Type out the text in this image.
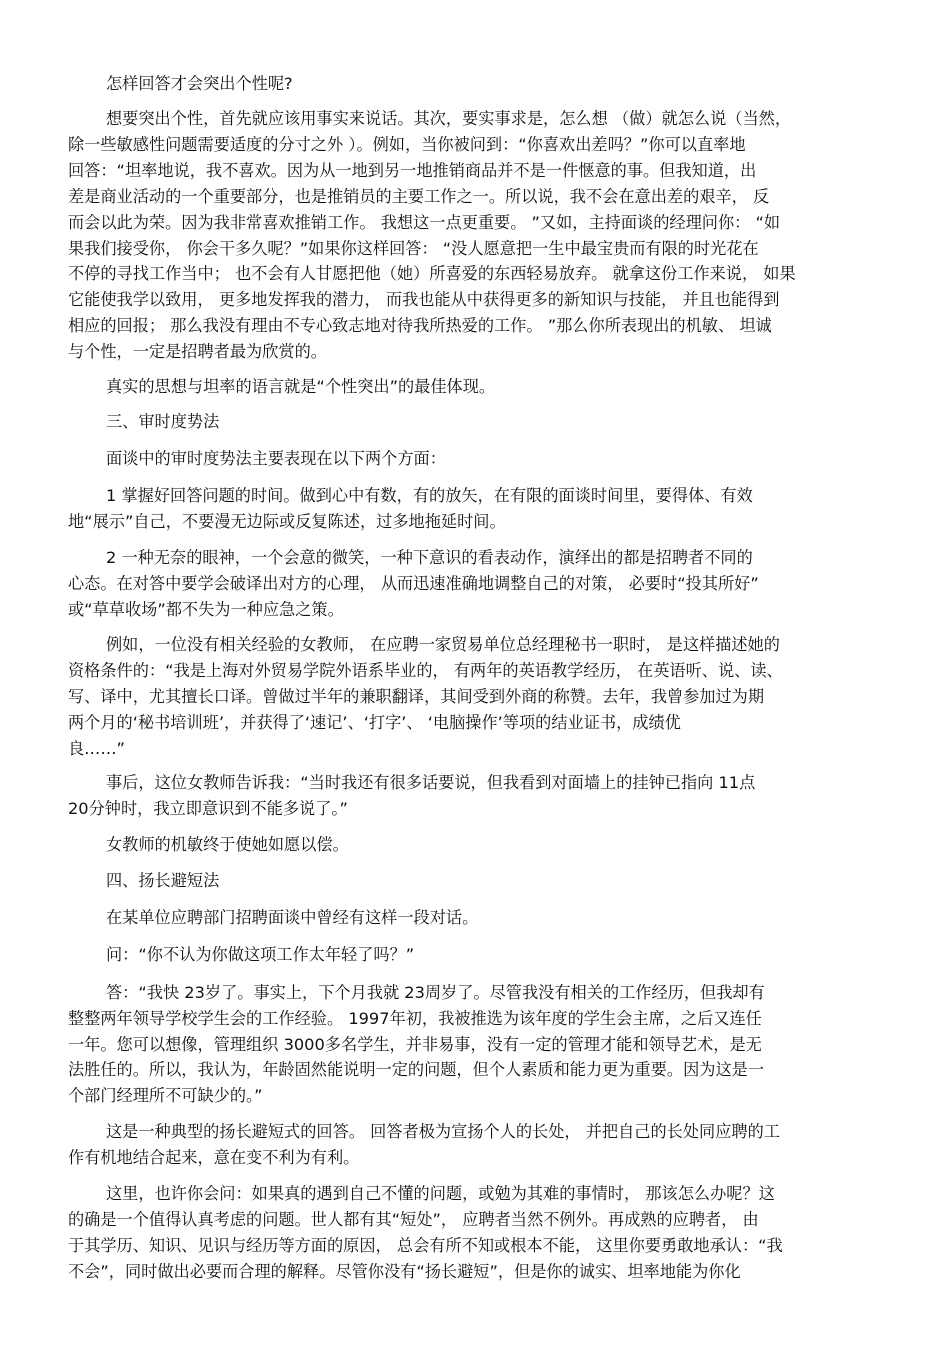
怎样回答才会突出个性呢?
想要突出个性，首先就应该用事实来说话。其次，要实事求是，怎么想 （做）就怎么说（当然，
除一些敏感性问题需要适度的分寸之外 ）。例如，当你被问到：“你喜欢出差吗？”你可以直率地
回答：“坦率地说，我不喜欢。因为从一地到另一地推销商品并不是一件惬意的事。但我知道，出
差是商业活动的一个重要部分，也是推销员的主要工作之一。所以说，我不会在意出差的艰辛， 反
而会以此为荣。因为我非常喜欢推销工作。 我想这一点更重要。 ”又如，主持面谈的经理问你： “如
果我们接受你， 你会干多久呢？”如果你这样回答： “没人愿意把一生中最宝贵而有限的时光花在
不停的寻找工作当中； 也不会有人甘愿把他（她）所喜爱的东西轻易放弃。 就拿这份工作来说， 如果
它能使我学以致用， 更多地发挥我的潜力， 而我也能从中获得更多的新知识与技能， 并且也能得到
相应的回报； 那么我没有理由不专心致志地对待我所热爱的工作。 ”那么你所表现出的机敏、 坦诚
与个性，一定是招聘者最为欣赏的。
真实的思想与坦率的语言就是“个性突出”的最佳体现。
三、审时度势法
面谈中的审时度势法主要表现在以下两个方面：
1 掌握好回答问题的时间。做到心中有数，有的放矢，在有限的面谈时间里，要得体、有效
地“展示”自己，不要漫无边际或反复陈述，过多地拖延时间。
2 一种无奈的眼神，一个会意的微笑，一种下意识的看表动作，演绎出的都是招聘者不同的
心态。在对答中要学会破译出对方的心理， 从而迅速准确地调整自己的对策， 必要时“投其所好”
或“草草收场”都不失为一种应急之策。
例如，一位没有相关经验的女教师， 在应聘一家贸易单位总经理秘书一职时， 是这样描述她的
资格条件的：“我是上海对外贸易学院外语系毕业的， 有两年的英语教学经历， 在英语听、说、读、
写、译中，尤其擅长口译。曾做过半年的兼职翻译，其间受到外商的称赞。去年，我曾参加过为期
两个月的‘秘书培训班’，并获得了‘速记’、‘打字’、 ‘电脑操作’等项的结业证书，成绩优
良……”
事后，这位女教师告诉我：“当时我还有很多话要说，但我看到对面墙上的挂钟已指向 11点
20分钟时，我立即意识到不能多说了。”
女教师的机敏终于使她如愿以偿。
四、扬长避短法
在某单位应聘部门招聘面谈中曾经有这样一段对话。
问：“你不认为你做这项工作太年轻了吗？”
答：“我快 23岁了。事实上，下个月我就 23周岁了。尽管我没有相关的工作经历，但我却有
整整两年领导学校学生会的工作经验。 1997年初，我被推选为该年度的学生会主席，之后又连任
一年。您可以想像，管理组织 3000多名学生，并非易事，没有一定的管理才能和领导艺术，是无
法胜任的。所以，我认为，年龄固然能说明一定的问题，但个人素质和能力更为重要。因为这是一
个部门经理所不可缺少的。”
这是一种典型的扬长避短式的回答。 回答者极为宣扬个人的长处， 并把自己的长处同应聘的工
作有机地结合起来，意在变不利为有利。
这里，也许你会问：如果真的遇到自己不懂的问题，或勉为其难的事情时， 那该怎么办呢？这
的确是一个值得认真考虑的问题。世人都有其“短处”， 应聘者当然不例外。再成熟的应聘者， 由
于其学历、知识、见识与经历等方面的原因， 总会有所不知或根本不能， 这里你要勇敢地承认：“我
不会”，同时做出必要而合理的解释。尽管你没有“扬长避短”，但是你的诚实、坦率地能为你化
